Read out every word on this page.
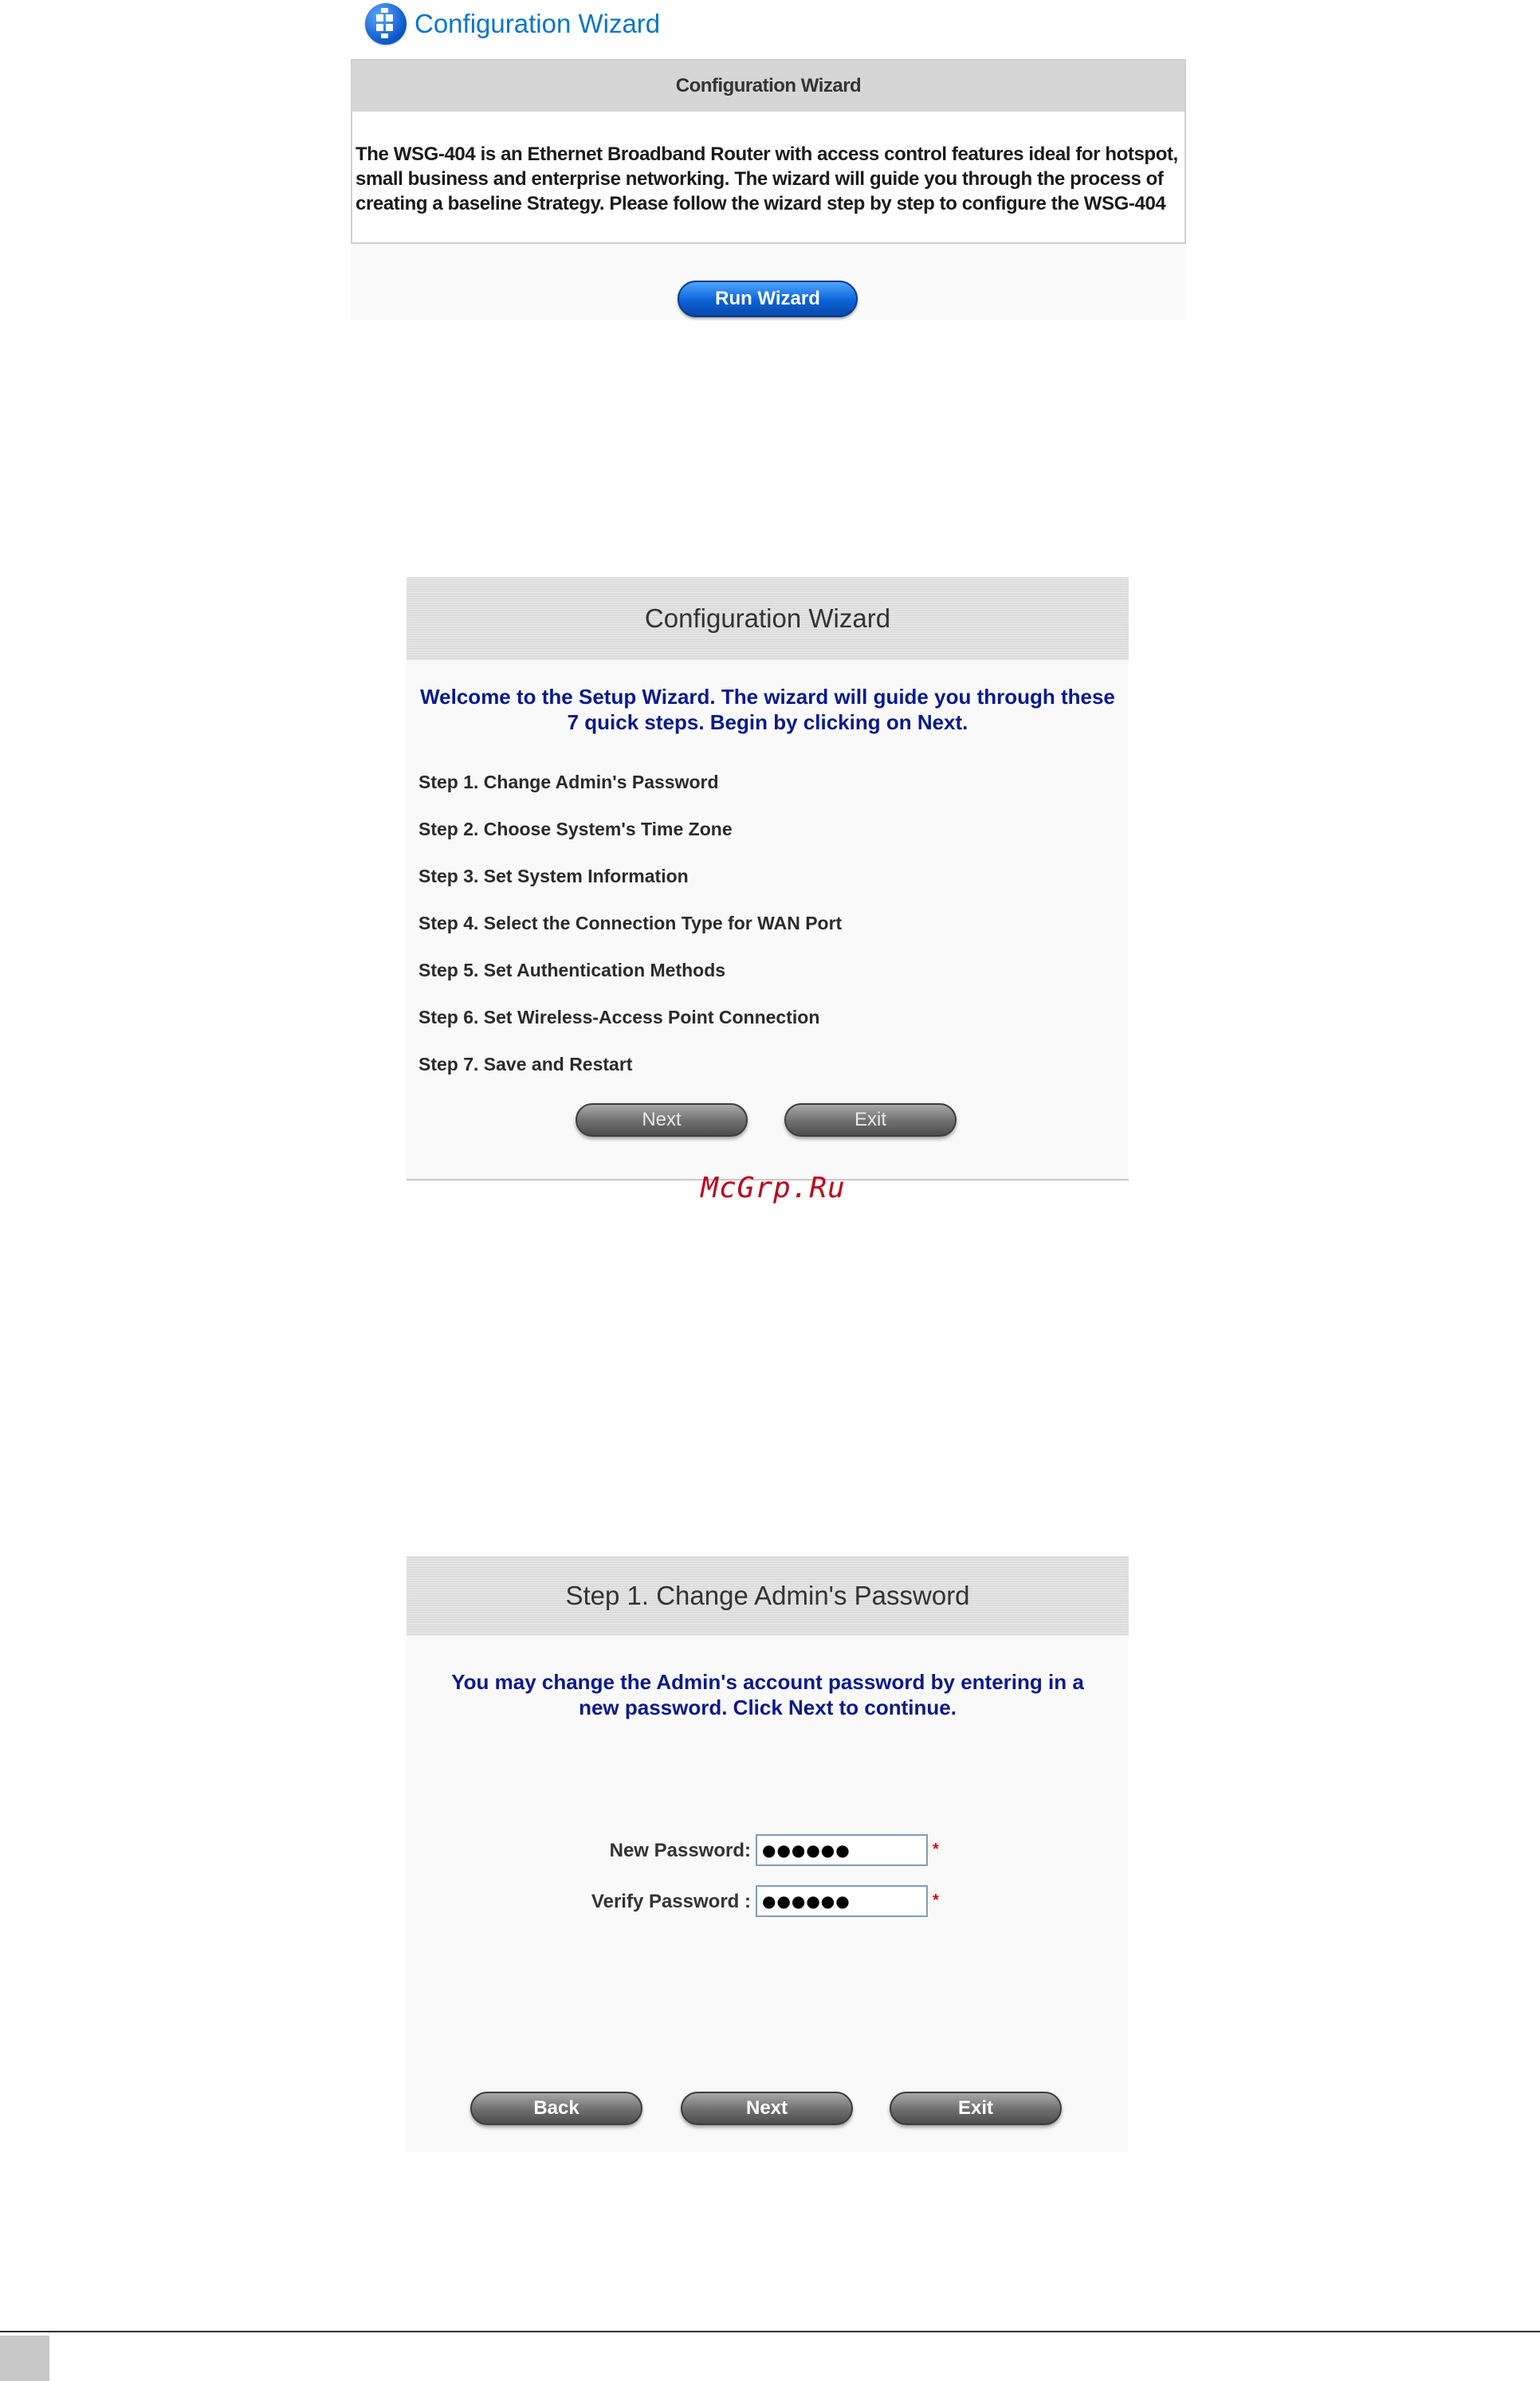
Configuration Wizard
Configuration Wizard
The WSG-404 is an Ethernet Broadband Router with access control features ideal for hotspot, small business and enterprise networking. The wizard will guide you through the process of creating a baseline Strategy. Please follow the wizard step by step to configure the WSG-404
Run Wizard
Configuration Wizard
Welcome to the Setup Wizard. The wizard will guide you through these
7 quick steps. Begin by clicking on Next.
Step 1. Change Admin's Password
Step 2. Choose System's Time Zone
Step 3. Set System Information
Step 4. Select the Connection Type for WAN Port
Step 5. Set Authentication Methods
Step 6. Set Wireless-Access Point Connection
Step 7. Save and Restart
Next	Exit
McGrp.Ru
Step 1. Change Admin's Password
You may change the Admin's account password by entering in a
new password. Click Next to continue.
New Password: ●●●●●●	*
Verify Password : ●●●●●●	*
Back	Next	Exit
